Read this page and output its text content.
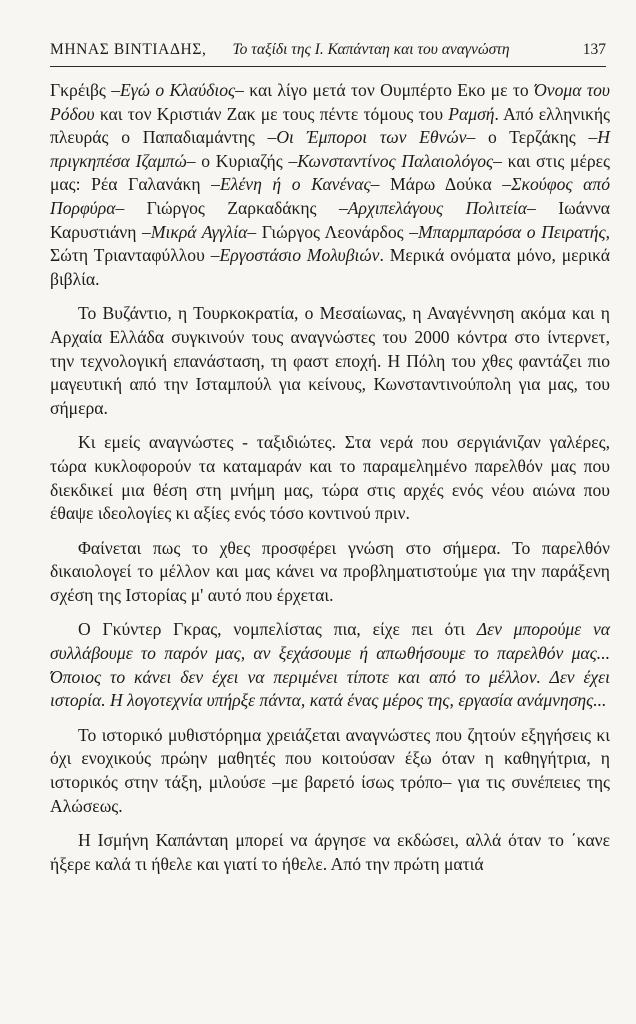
ΜΗΝΑΣ ΒΙΝΤΙΑΔΗΣ, Το ταξίδι της Ι. Καπάνταη και του αναγνώστη	137

Γκρέιβς –Εγώ ο Κλαύδιος– και λίγο μετά τον Ουμπέρτο Εκο με το Όνομα του Ρόδου και τον Κριστιάν Ζακ με τους πέντε τόμους του Ραμσή. Από ελληνικής πλευράς ο Παπαδιαμάντης –Οι Έμποροι των Εθνών– ο Τερζάκης –Η πριγκηπέσα Ιζαμπώ– ο Κυριαζής –Κωνσταντίνος Παλαιολόγος– και στις μέρες μας: Ρέα Γαλανάκη –Ελένη ή ο Κανένας– Μάρω Δούκα –Σκούφος από Πορφύρα– Γιώργος Ζαρκαδάκης –Αρχιπελάγους Πολιτεία– Ιωάννα Καρυστιάνη –Μικρά Αγγλία– Γιώργος Λεονάρδος –Μπαρμπαρόσα ο Πειρατής, Σώτη Τριανταφύλλου –Εργοστάσιο Μολυβιών. Μερικά ονόματα μόνο, μερικά βιβλία.

Το Βυζάντιο, η Τουρκοκρατία, ο Μεσαίωνας, η Αναγέννηση ακόμα και η Αρχαία Ελλάδα συγκινούν τους αναγνώστες του 2000 κόντρα στο ίντερνετ, την τεχνολογική επανάσταση, τη φαστ εποχή. Η Πόλη του χθες φαντάζει πιο μαγευτική από την Ισταμπούλ για κείνους, Κωνσταντινούπολη για μας, του σήμερα.

Κι εμείς αναγνώστες - ταξιδιώτες. Στα νερά που σεργιάνιζαν γαλέρες, τώρα κυκλοφορούν τα καταμαράν και το παραμελημένο παρελθόν μας που διεκδικεί μια θέση στη μνήμη μας, τώρα στις αρχές ενός νέου αιώνα που έθαψε ιδεολογίες κι αξίες ενός τόσο κοντινού πριν.

Φαίνεται πως το χθες προσφέρει γνώση στο σήμερα. Το παρελθόν δικαιολογεί το μέλλον και μας κάνει να προβληματιστούμε για την παράξενη σχέση της Ιστορίας μ' αυτό που έρχεται.

Ο Γκύντερ Γκρας, νομπελίστας πια, είχε πει ότι Δεν μπορούμε να συλλάβουμε το παρόν μας, αν ξεχάσουμε ή απωθήσουμε το παρελθόν μας... Όποιος το κάνει δεν έχει να περιμένει τίποτε και από το μέλλον. Δεν έχει ιστορία. Η λογοτεχνία υπήρξε πάντα, κατά ένας μέρος της, εργασία ανάμνησης...

Το ιστορικό μυθιστόρημα χρειάζεται αναγνώστες που ζητούν εξηγήσεις κι όχι ενοχικούς πρώην μαθητές που κοιτούσαν έξω όταν η καθηγήτρια, η ιστορικός στην τάξη, μιλούσε –με βαρετό ίσως τρόπο– για τις συνέπειες της Αλώσεως.

Η Ισμήνη Καπάνταη μπορεί να άργησε να εκδώσει, αλλά όταν το ΄κανε ήξερε καλά τι ήθελε και γιατί το ήθελε. Από την πρώτη ματιά
